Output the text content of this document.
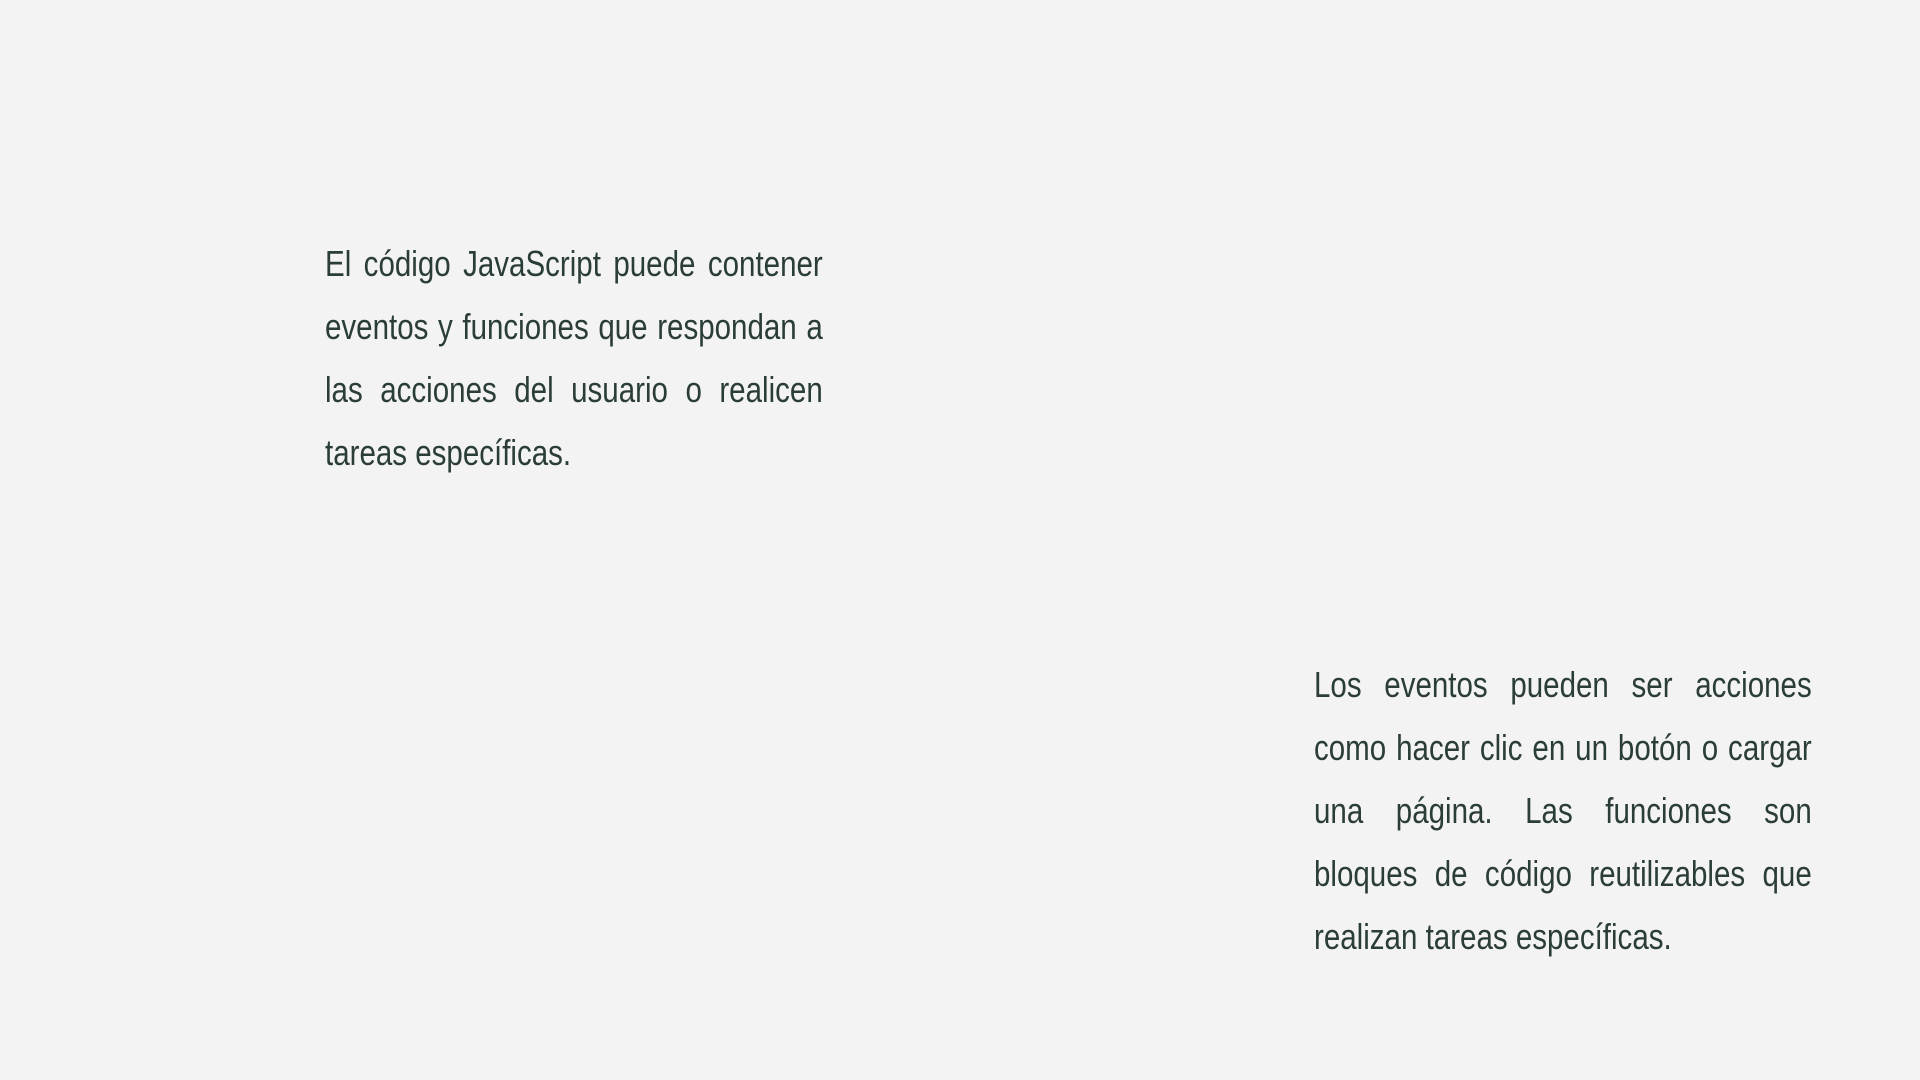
El código JavaScript puede contener eventos y funciones que respondan a las acciones del usuario o realicen tareas específicas.

Los eventos pueden ser acciones como hacer clic en un botón o cargar una página. Las funciones son bloques de código reutilizables que realizan tareas específicas.
